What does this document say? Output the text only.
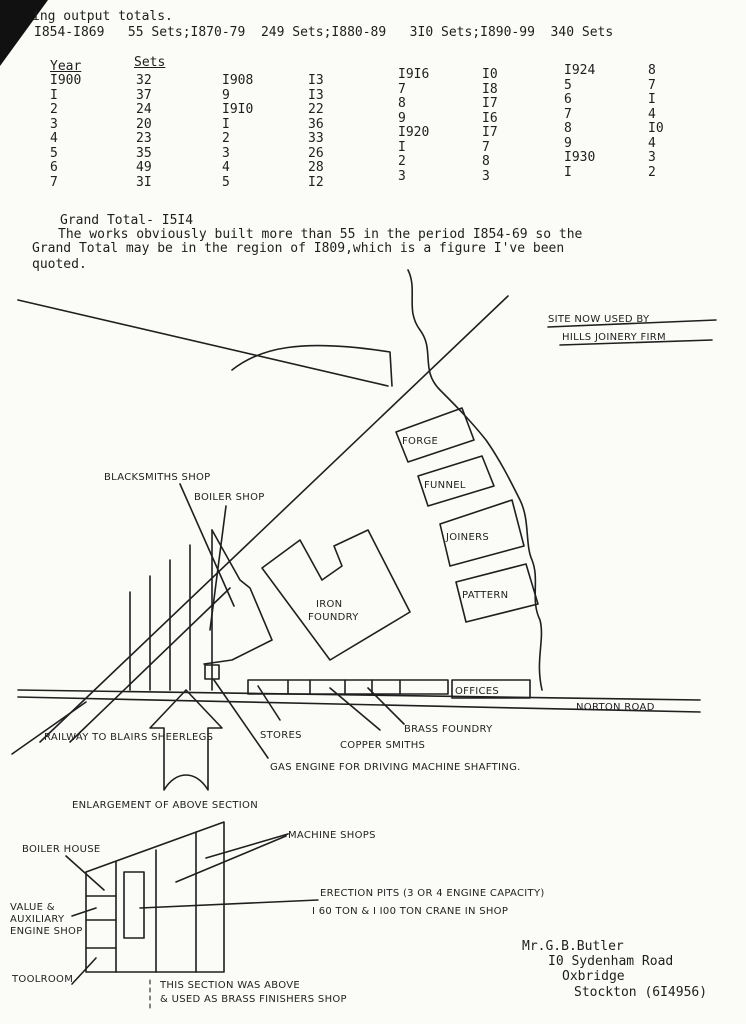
SITE NOW USED BY
HILLS JOINERY FIRM
FORGE
FUNNEL
JOINERS
PATTERN
BLACKSMITHS SHOP
BOILER SHOP
IRON
FOUNDRY
OFFICES
NORTON ROAD
RAILWAY TO BLAIRS SHEERLEGS	STORES
BRASS FOUNDRY
COPPER SMITHS
GAS ENGINE FOR DRIVING MACHINE SHAFTING.
ENLARGEMENT OF ABOVE SECTION
BOILER HOUSE
MACHINE SHOPS
VALUE &
AUXILIARY
ENGINE SHOP
ERECTION PITS (3 OR 4 ENGINE CAPACITY)
I 60 TON & I I00 TON CRANE IN SHOP
TOOLROOM
THIS SECTION WAS ABOVE
& USED AS BRASS FINISHERS SHOP
ing output totals.
I854-I869   55 Sets;I870-79  249 Sets;I880-89   3I0 Sets;I890-99  340 Sets
Year	Sets
I900	32
I	37
2	24
3	20
4	23
5	35
6	49
7	3I
I908	I3
9	I3
I9I0	22
I	36
2	33
3	26
4	28
5	I2
I9I6	I0
7	I8
8	I7
9	I6
I920	I7
I	7
2	8
3	3
I924	8
5	7
6	I
7	4
8	I0
9	4
I930	3
I	2
Grand Total- I5I4
The works obviously built more than 55 in the period I854-69 so the
Grand Total may be in the region of I809,which is a figure I've been
quoted.
Mr.G.B.Butler
I0 Sydenham Road
Oxbridge
Stockton (6I4956)
